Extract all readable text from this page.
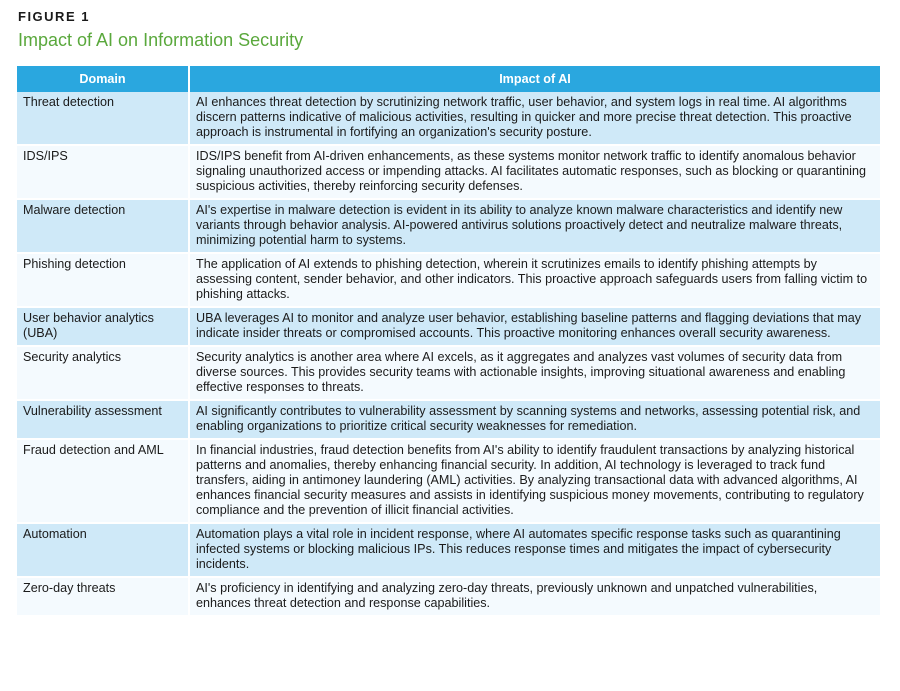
FIGURE 1
Impact of AI on Information Security
Domain	Impact of AI
Threat detection	AI enhances threat detection by scrutinizing network traffic, user behavior, and system logs in real time. AI algorithms discern patterns indicative of malicious activities, resulting in quicker and more precise threat detection. This proactive approach is instrumental in fortifying an organization's security posture.
IDS/IPS	IDS/IPS benefit from AI-driven enhancements, as these systems monitor network traffic to identify anomalous behavior signaling unauthorized access or impending attacks. AI facilitates automatic responses, such as blocking or quarantining suspicious activities, thereby reinforcing security defenses.
Malware detection	AI's expertise in malware detection is evident in its ability to analyze known malware characteristics and identify new variants through behavior analysis. AI-powered antivirus solutions proactively detect and neutralize malware threats, minimizing potential harm to systems.
Phishing detection	The application of AI extends to phishing detection, wherein it scrutinizes emails to identify phishing attempts by assessing content, sender behavior, and other indicators. This proactive approach safeguards users from falling victim to phishing attacks.
User behavior analytics (UBA)	UBA leverages AI to monitor and analyze user behavior, establishing baseline patterns and flagging deviations that may indicate insider threats or compromised accounts. This proactive monitoring enhances overall security awareness.
Security analytics	Security analytics is another area where AI excels, as it aggregates and analyzes vast volumes of security data from diverse sources. This provides security teams with actionable insights, improving situational awareness and enabling effective responses to threats.
Vulnerability assessment	AI significantly contributes to vulnerability assessment by scanning systems and networks, assessing potential risk, and enabling organizations to prioritize critical security weaknesses for remediation.
Fraud detection and AML	In financial industries, fraud detection benefits from AI's ability to identify fraudulent transactions by analyzing historical patterns and anomalies, thereby enhancing financial security. In addition, AI technology is leveraged to track fund transfers, aiding in antimoney laundering (AML) activities. By analyzing transactional data with advanced algorithms, AI enhances financial security measures and assists in identifying suspicious money movements, contributing to regulatory compliance and the prevention of illicit financial activities.
Automation	Automation plays a vital role in incident response, where AI automates specific response tasks such as quarantining infected systems or blocking malicious IPs. This reduces response times and mitigates the impact of cybersecurity incidents.
Zero-day threats	AI's proficiency in identifying and analyzing zero-day threats, previously unknown and unpatched vulnerabilities, enhances threat detection and response capabilities.
